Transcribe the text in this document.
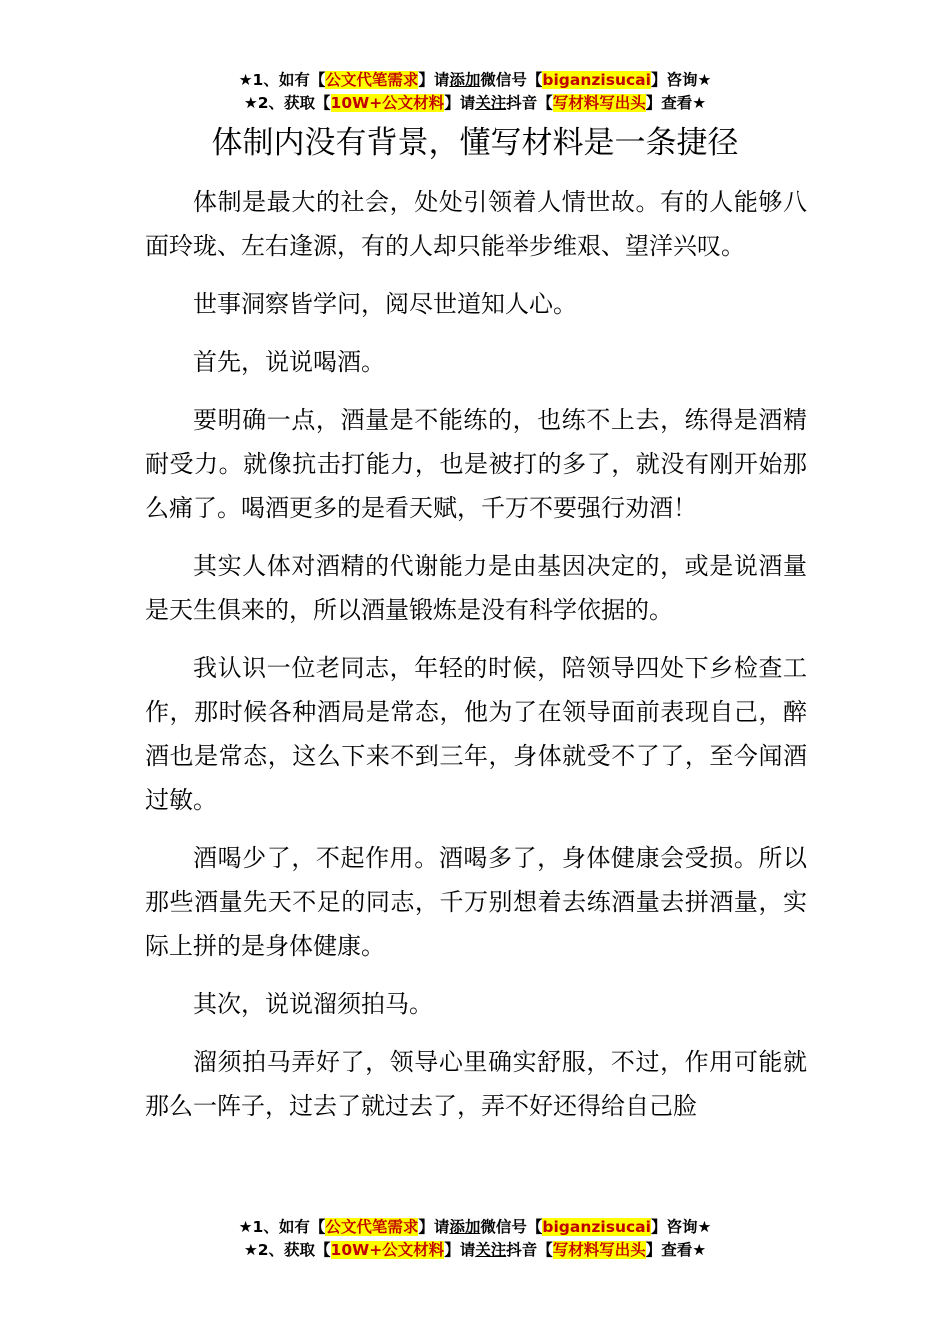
★1、如有【公文代笔需求】请添加微信号【biganzisucai】咨询★
★2、获取【10W+公文材料】请关注抖音【写材料写出头】查看★
体制内没有背景，懂写材料是一条捷径

体制是最大的社会，处处引领着人情世故。有的人能够八面玲珑、左右逢源，有的人却只能举步维艰、望洋兴叹。

世事洞察皆学问，阅尽世道知人心。

首先，说说喝酒。

要明确一点，酒量是不能练的，也练不上去，练得是酒精耐受力。就像抗击打能力，也是被打的多了，就没有刚开始那么痛了。喝酒更多的是看天赋，千万不要强行劝酒！

其实人体对酒精的代谢能力是由基因决定的，或是说酒量是天生俱来的，所以酒量锻炼是没有科学依据的。

我认识一位老同志，年轻的时候，陪领导四处下乡检查工作，那时候各种酒局是常态，他为了在领导面前表现自己，醉酒也是常态，这么下来不到三年，身体就受不了了，至今闻酒过敏。

酒喝少了，不起作用。酒喝多了，身体健康会受损。所以那些酒量先天不足的同志，千万别想着去练酒量去拼酒量，实际上拼的是身体健康。

其次，说说溜须拍马。

溜须拍马弄好了，领导心里确实舒服，不过，作用可能就那么一阵子，过去了就过去了，弄不好还得给自己脸

★1、如有【公文代笔需求】请添加微信号【biganzisucai】咨询★
★2、获取【10W+公文材料】请关注抖音【写材料写出头】查看★
